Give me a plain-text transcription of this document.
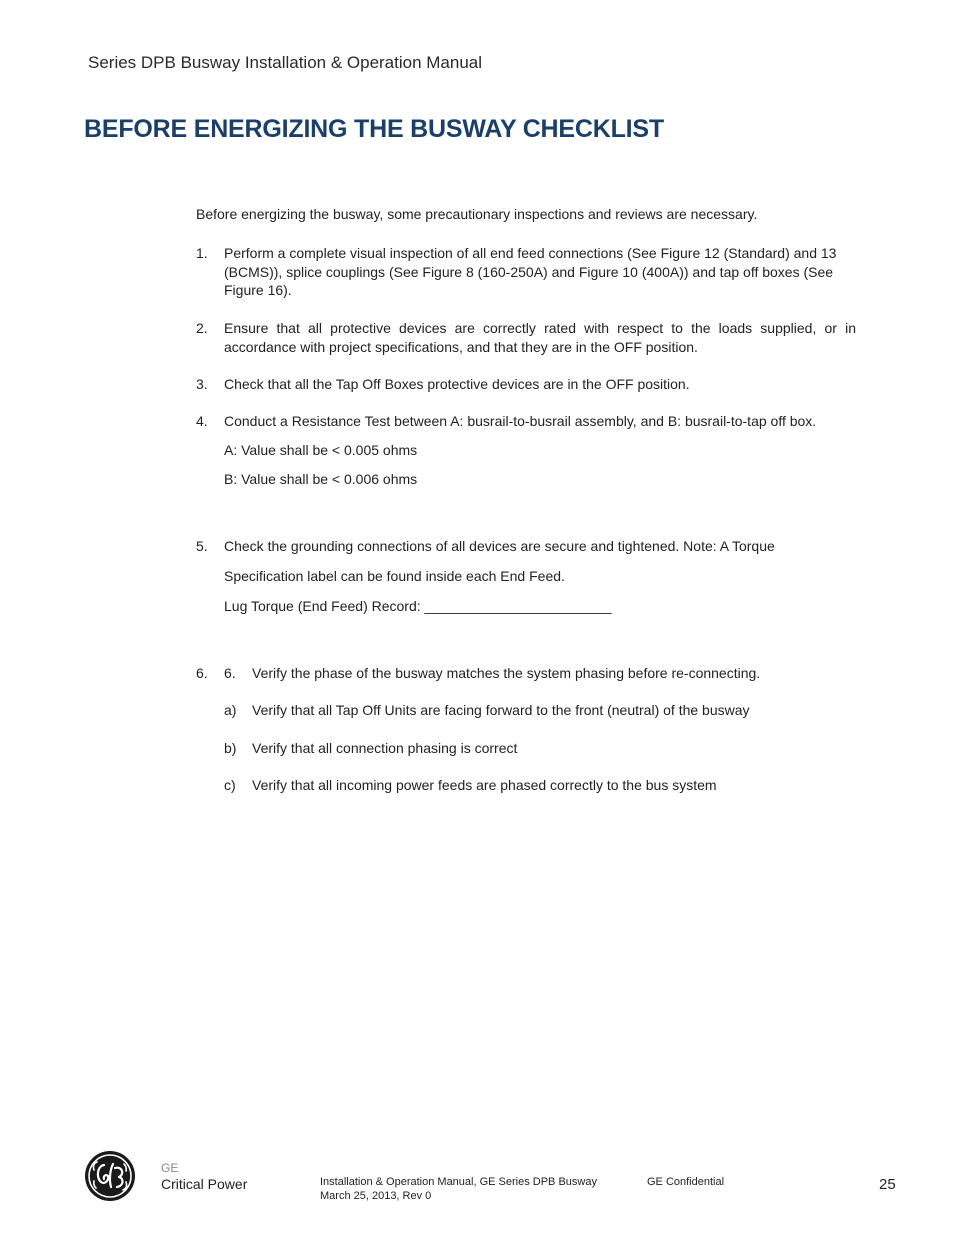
Series DPB Busway Installation & Operation Manual
BEFORE ENERGIZING THE BUSWAY CHECKLIST
Before energizing the busway, some precautionary inspections and reviews are necessary.
1. Perform a complete visual inspection of all end feed connections (See Figure 12 (Standard) and 13 (BCMS)), splice couplings (See Figure 8 (160-250A) and Figure 10 (400A)) and tap off boxes (See Figure 16).
2. Ensure that all protective devices are correctly rated with respect to the loads supplied, or in accordance with project specifications, and that they are in the OFF position.
3. Check that all the Tap Off Boxes protective devices are in the OFF position.
4. Conduct a Resistance Test between A: busrail-to-busrail assembly, and B: busrail-to-tap off box.
A: Value shall be < 0.005 ohms
B: Value shall be < 0.006 ohms
5. Check the grounding connections of all devices are secure and tightened. Note: A Torque
Specification label can be found inside each End Feed.
Lug Torque (End Feed) Record: ________________________
6. 6. Verify the phase of the busway matches the system phasing before re-connecting.
a) Verify that all Tap Off Units are facing forward to the front (neutral) of the busway
b) Verify that all connection phasing is correct
c) Verify that all incoming power feeds are phased correctly to the bus system
GE
Critical Power	Installation & Operation Manual, GE Series DPB Busway
March 25, 2013, Rev 0
GE Confidential	25
